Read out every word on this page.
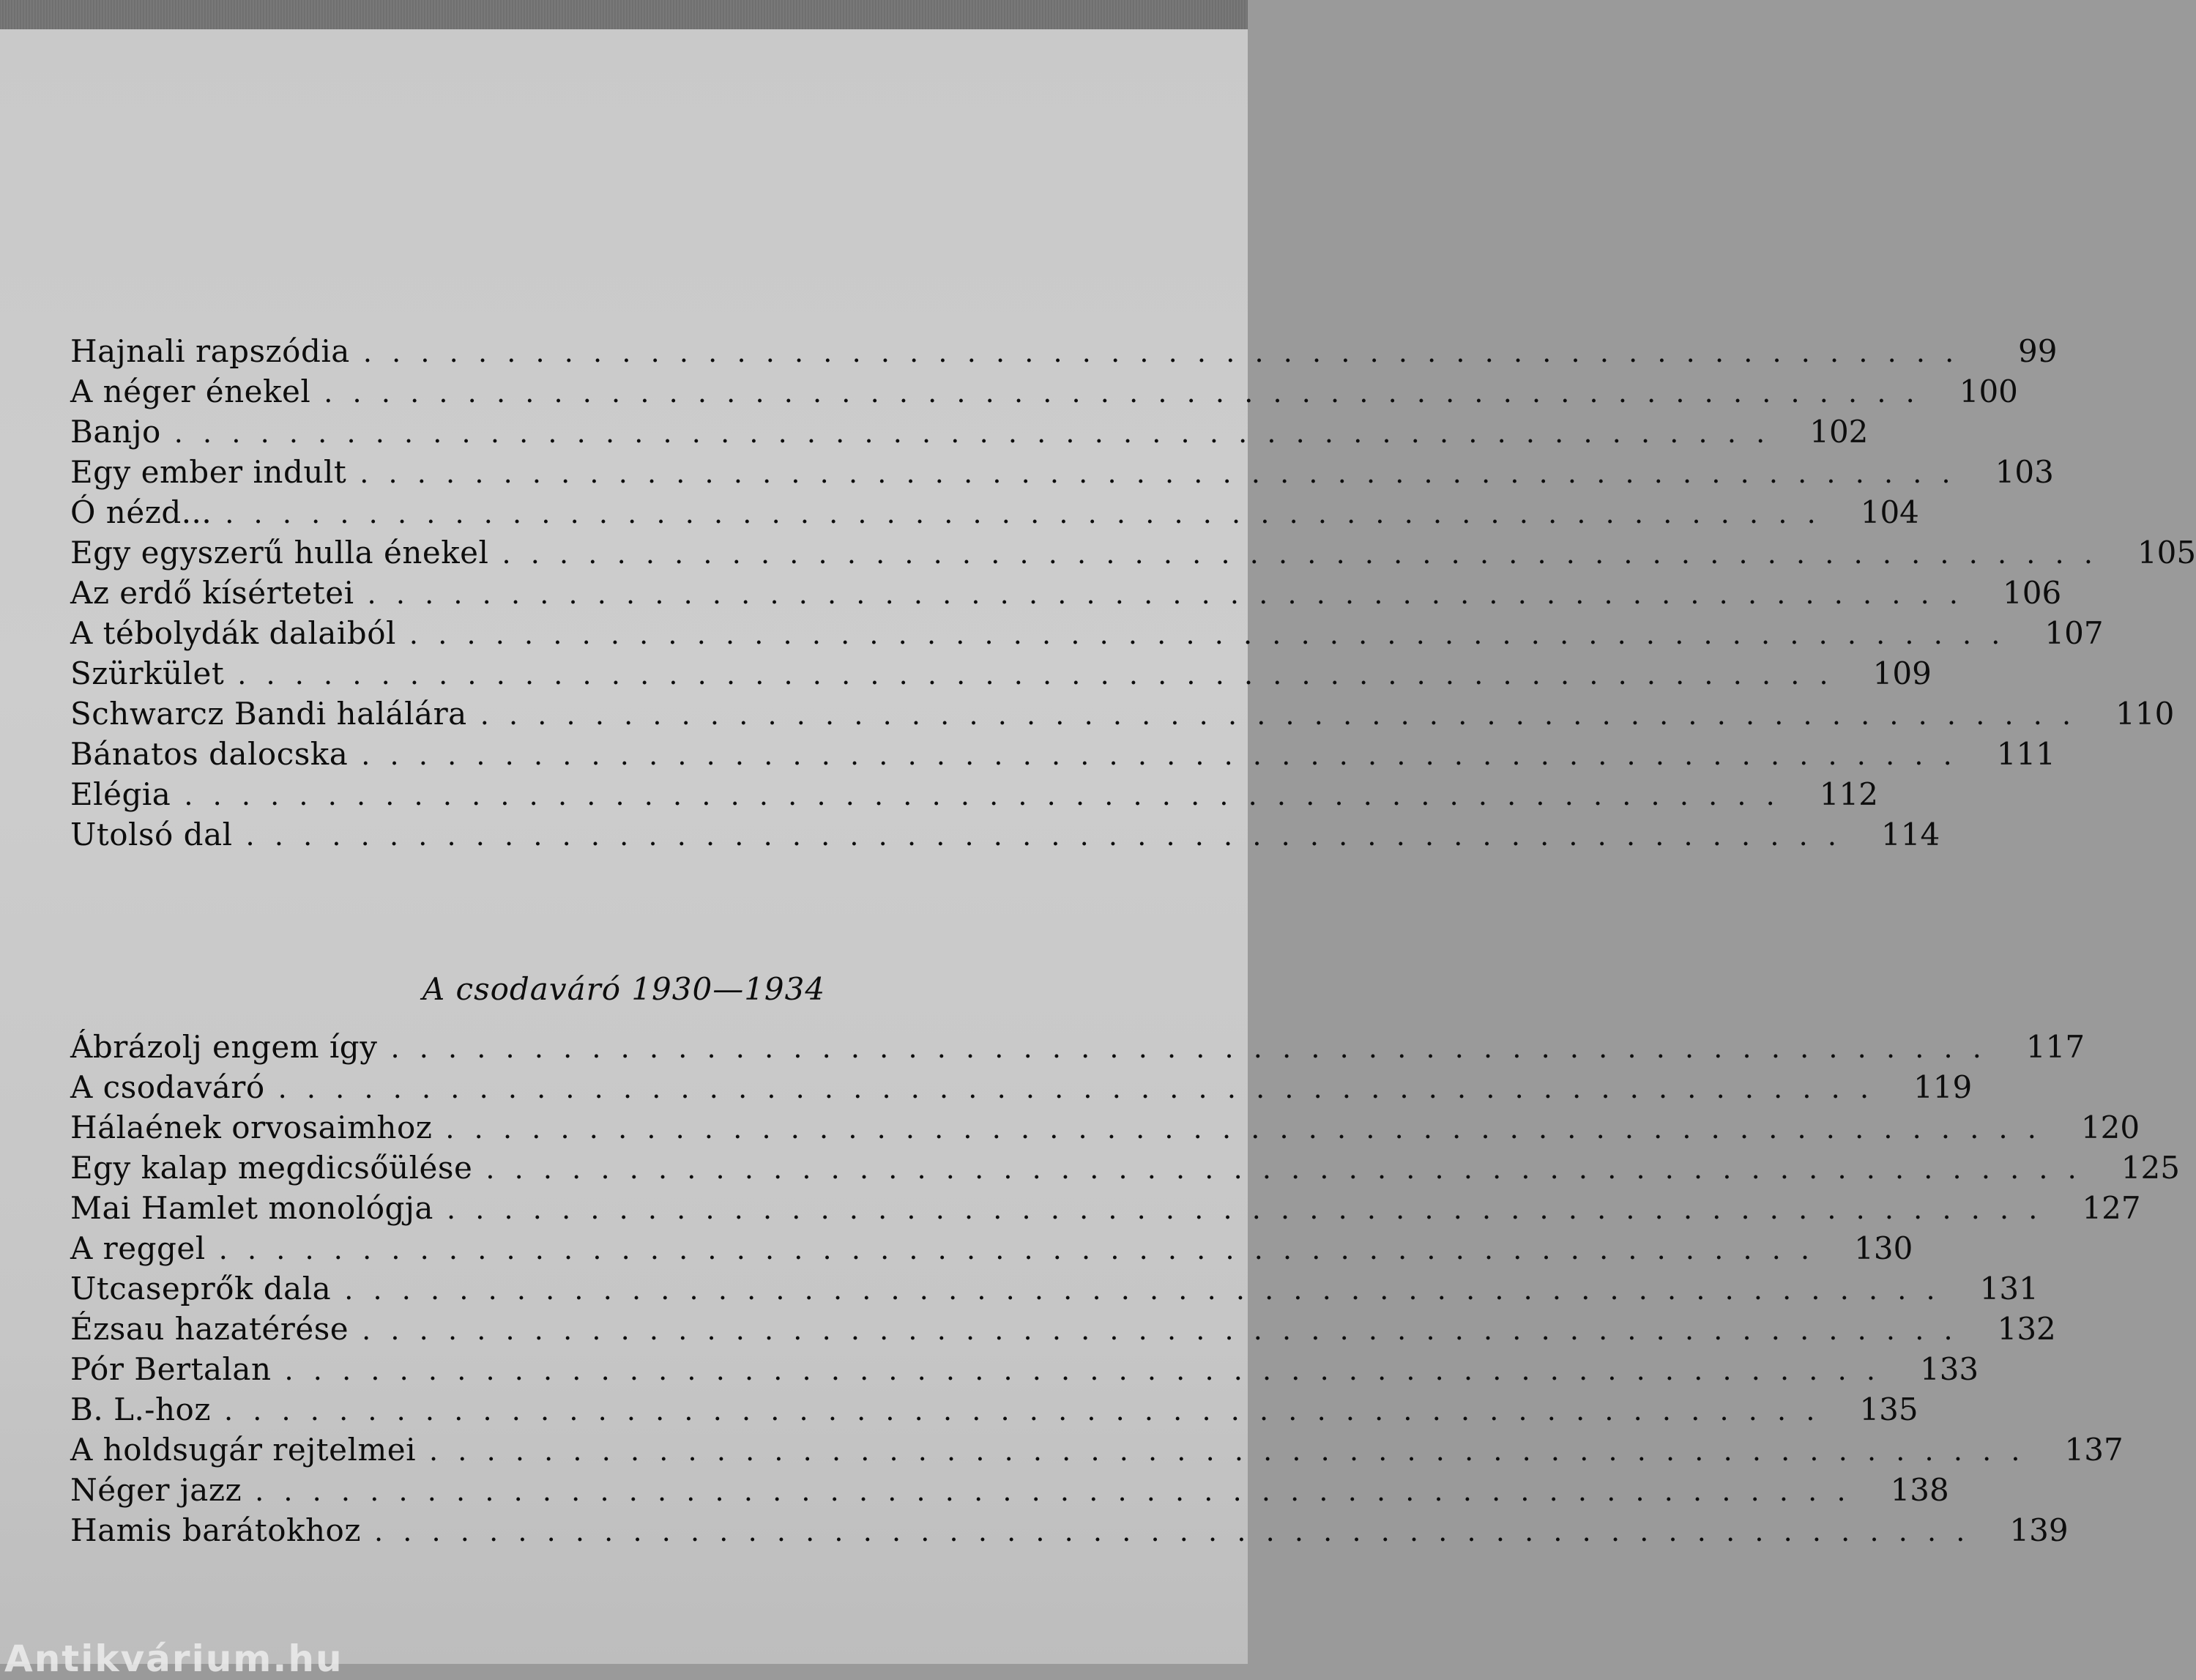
Hajnali rapszódia ........................................................	99
A néger énekel ........................................................ 100
Banjo ........................................................ 102
Egy ember indult ........................................................ 103
Ó nézd... ........................................................ 104
Egy egyszerű hulla énekel ........................................................ 105
Az erdő kísértetei ........................................................ 106
A tébolydák dalaiból ........................................................ 107
Szürkület ........................................................ 109
Schwarcz Bandi halálára ........................................................ 110
Bánatos dalocska ........................................................ 111
Elégia ........................................................ 112
Utolsó dal ........................................................ 114
A csodaváró 1930—1934
Ábrázolj engem így ........................................................ 117
A csodaváró ........................................................ 119
Hálaének orvosaimhoz ........................................................ 120
Egy kalap megdicsőülése ........................................................ 125
Mai Hamlet monológja ........................................................ 127
A reggel ........................................................ 130
Utcaseprők dala ........................................................ 131
Ézsau hazatérése ........................................................ 132
Pór Bertalan ........................................................ 133
B. L.-hoz ........................................................ 135
A holdsugár rejtelmei ........................................................ 137
Néger jazz ........................................................ 138
Hamis barátokhoz ........................................................ 139
Antikvárium.hu
